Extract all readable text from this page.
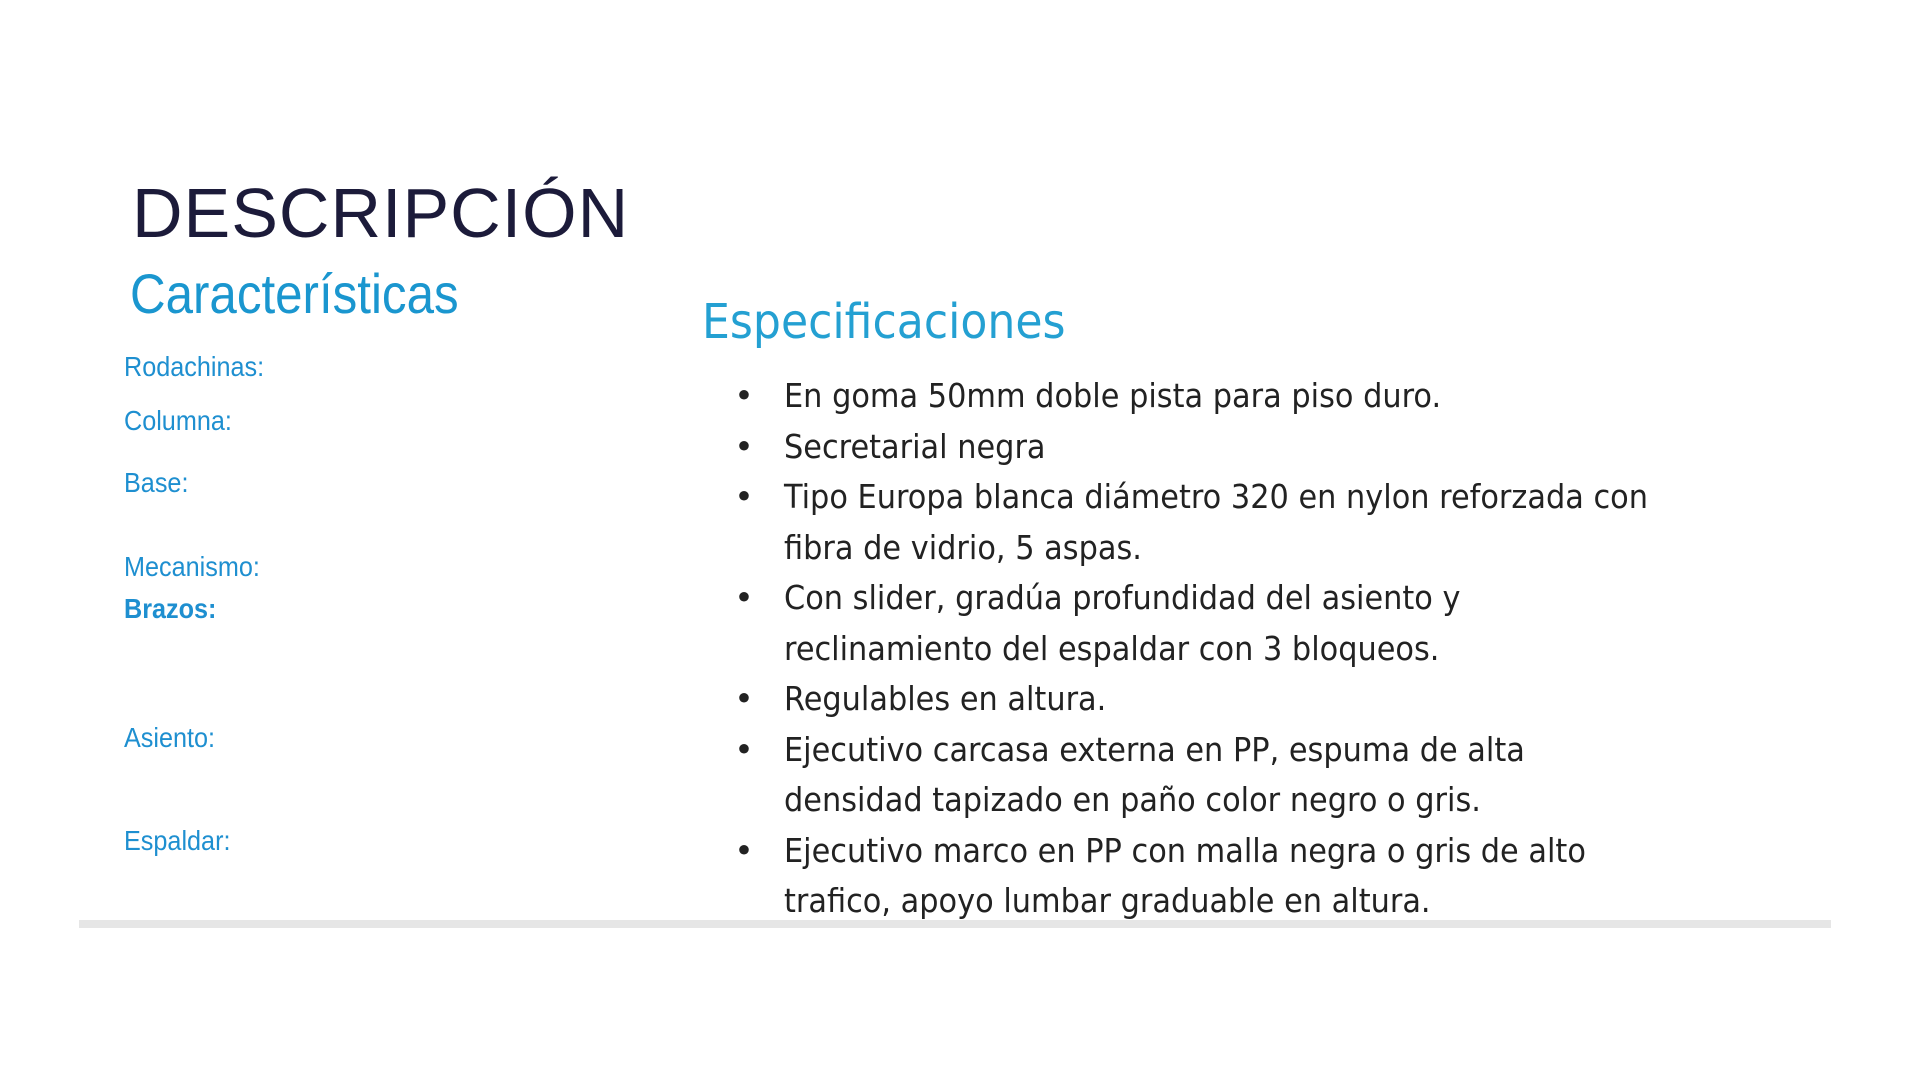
DESCRIPCIÓN
Características	Especificaciones
Rodachinas:
Columna:
Base:
Mecanismo:
Brazos:
Asiento:
Espaldar:
• En goma 50mm doble pista para piso duro.
• Secretarial negra
• Tipo Europa blanca diámetro 320 en nylon reforzada con
fibra de vidrio, 5 aspas.
• Con slider, gradúa profundidad del asiento y
reclinamiento del espaldar con 3 bloqueos.
• Regulables en altura.
• Ejecutivo carcasa externa en PP, espuma de alta
densidad tapizado en paño color negro o gris.
• Ejecutivo marco en PP con malla negra o gris de alto
trafico, apoyo lumbar graduable en altura.
